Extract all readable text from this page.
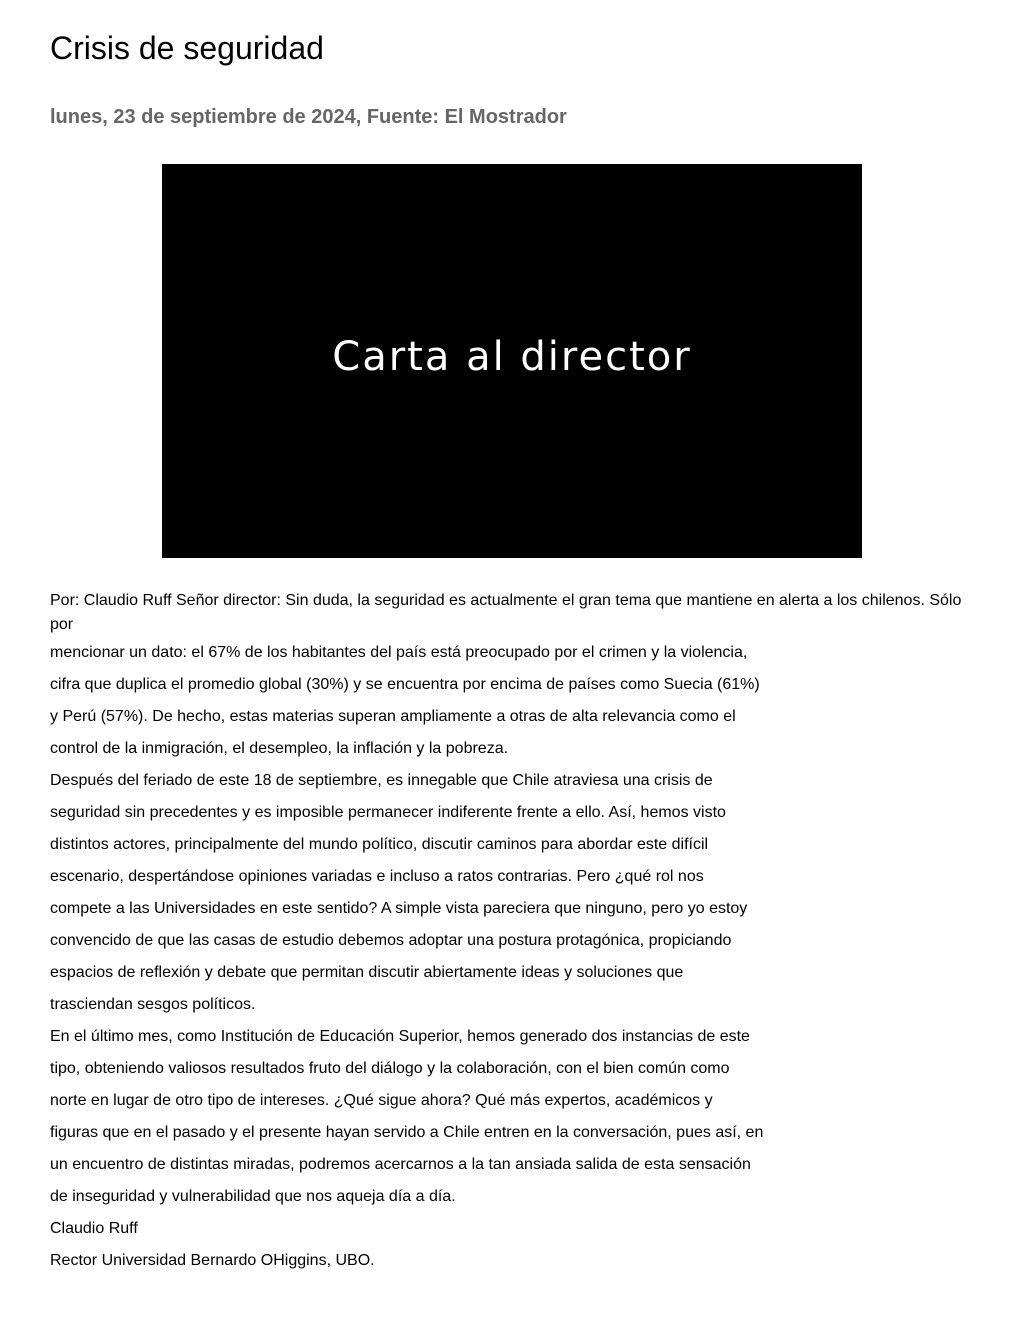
Crisis de seguridad
lunes, 23 de septiembre de 2024, Fuente: El Mostrador
Carta al director

Por: Claudio Ruff Señor director: Sin duda, la seguridad es actualmente el gran tema que mantiene en alerta a los chilenos. Sólo por

mencionar un dato: el 67% de los habitantes del país está preocupado por el crimen y la violencia,

cifra que duplica el promedio global (30%) y se encuentra por encima de países como Suecia (61%)

y Perú (57%). De hecho, estas materias superan ampliamente a otras de alta relevancia como el

control de la inmigración, el desempleo, la inflación y la pobreza.

Después del feriado de este 18 de septiembre, es innegable que Chile atraviesa una crisis de

seguridad sin precedentes y es imposible permanecer indiferente frente a ello. Así, hemos visto

distintos actores, principalmente del mundo político, discutir caminos para abordar este difícil

escenario, despertándose opiniones variadas e incluso a ratos contrarias. Pero ¿qué rol nos

compete a las Universidades en este sentido? A simple vista pareciera que ninguno, pero yo estoy

convencido de que las casas de estudio debemos adoptar una postura protagónica, propiciando

espacios de reflexión y debate que permitan discutir abiertamente ideas y soluciones que

trasciendan sesgos políticos.

En el último mes, como Institución de Educación Superior, hemos generado dos instancias de este

tipo, obteniendo valiosos resultados fruto del diálogo y la colaboración, con el bien común como

norte en lugar de otro tipo de intereses. ¿Qué sigue ahora? Qué más expertos, académicos y

figuras que en el pasado y el presente hayan servido a Chile entren en la conversación, pues así, en

un encuentro de distintas miradas, podremos acercarnos a la tan ansiada salida de esta sensación

de inseguridad y vulnerabilidad que nos aqueja día a día.

Claudio Ruff

Rector Universidad Bernardo OHiggins, UBO.
